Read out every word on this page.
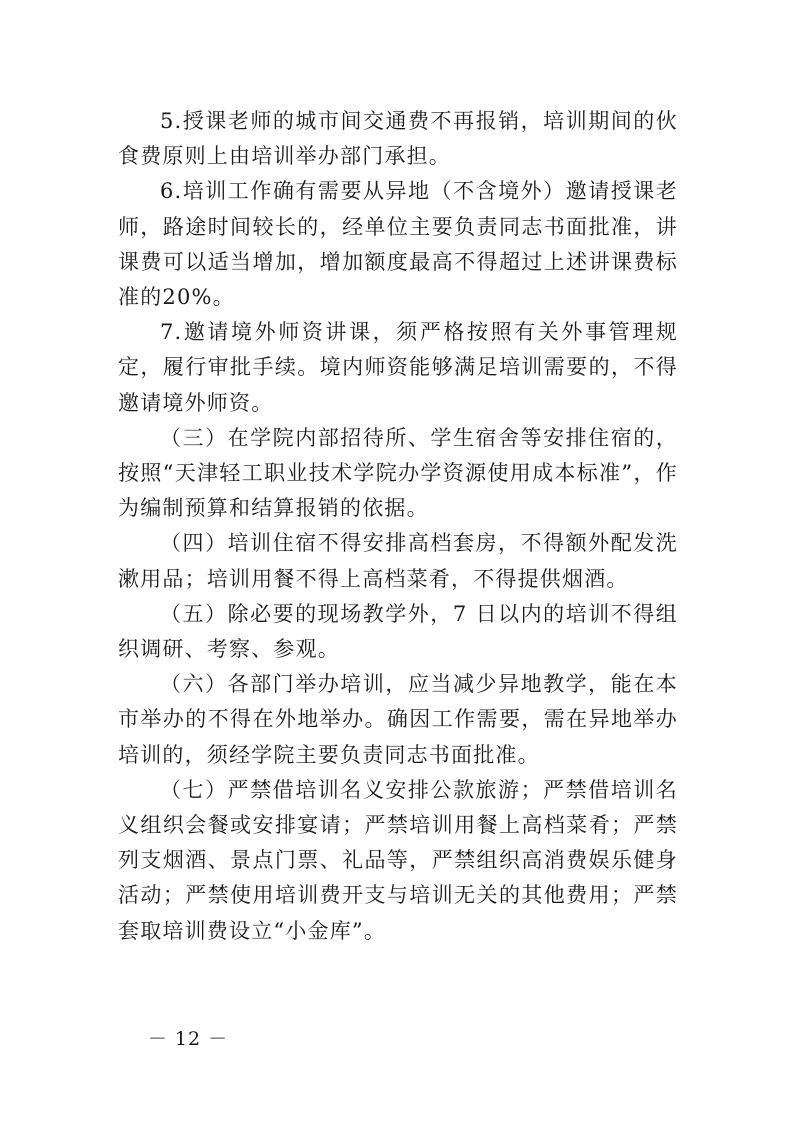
5.授课老师的城市间交通费不再报销，培训期间的伙食费原则上由培训举办部门承担。

6.培训工作确有需要从异地（不含境外）邀请授课老师，路途时间较长的，经单位主要负责同志书面批准，讲课费可以适当增加，增加额度最高不得超过上述讲课费标准的20%。

7.邀请境外师资讲课，须严格按照有关外事管理规定，履行审批手续。境内师资能够满足培训需要的，不得邀请境外师资。

（三）在学院内部招待所、学生宿舍等安排住宿的，按照“天津轻工职业技术学院办学资源使用成本标准”，作为编制预算和结算报销的依据。

（四）培训住宿不得安排高档套房，不得额外配发洗漱用品；培训用餐不得上高档菜肴，不得提供烟酒。

（五）除必要的现场教学外，7 日以内的培训不得组织调研、考察、参观。

（六）各部门举办培训，应当减少异地教学，能在本市举办的不得在外地举办。确因工作需要，需在异地举办培训的，须经学院主要负责同志书面批准。

（七）严禁借培训名义安排公款旅游；严禁借培训名义组织会餐或安排宴请；严禁培训用餐上高档菜肴；严禁列支烟酒、景点门票、礼品等，严禁组织高消费娱乐健身活动；严禁使用培训费开支与培训无关的其他费用；严禁套取培训费设立“小金库”。

－ 12 －
